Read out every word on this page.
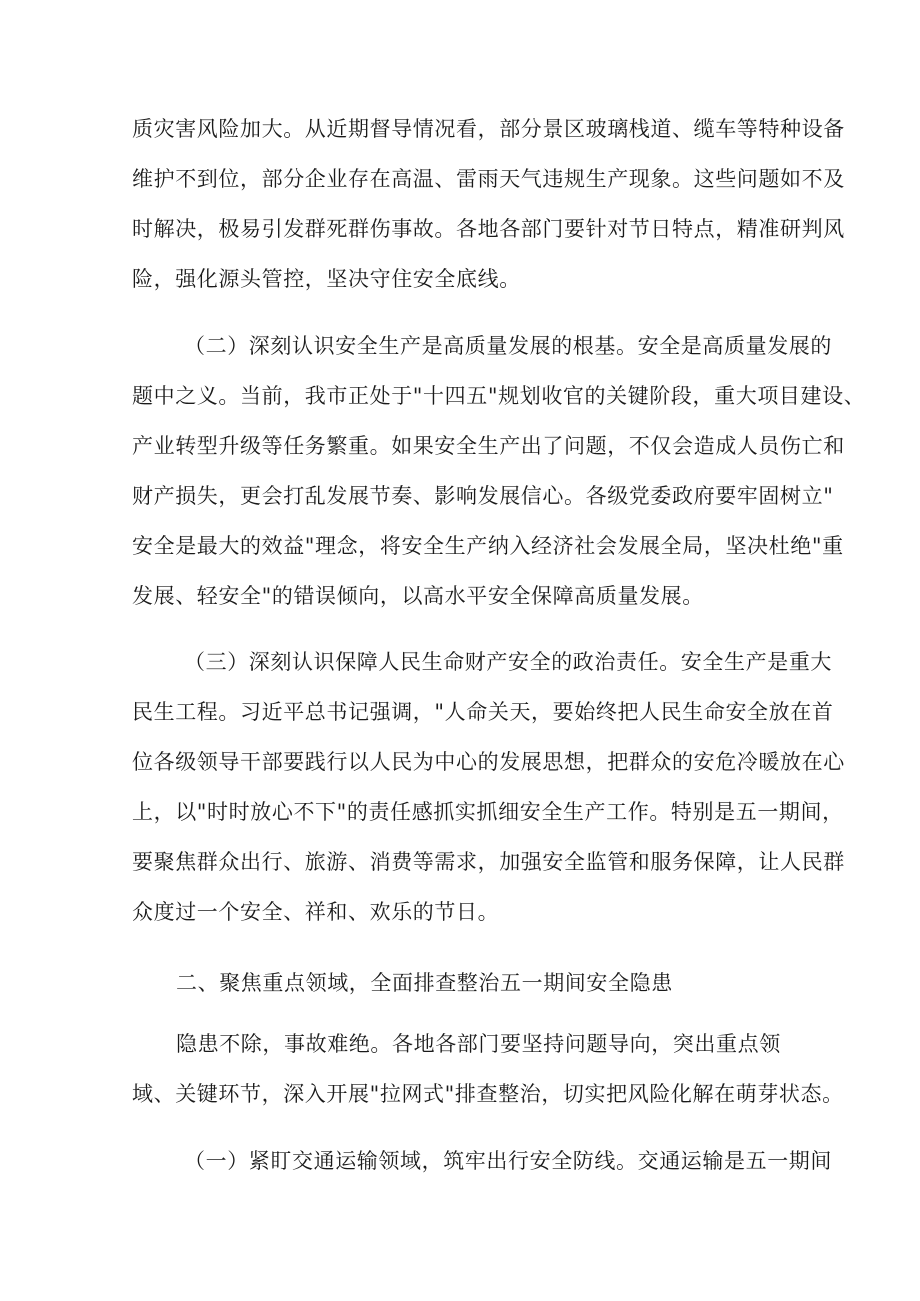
质灾害风险加大。从近期督导情况看，部分景区玻璃栈道、缆车等特种设备
维护不到位，部分企业存在高温、雷雨天气违规生产现象。这些问题如不及
时解决，极易引发群死群伤事故。各地各部门要针对节日特点，精准研判风
险，强化源头管控，坚决守住安全底线。
（二）深刻认识安全生产是高质量发展的根基。安全是高质量发展的
题中之义。当前，我市正处于"十四五"规划收官的关键阶段，重大项目建设、
产业转型升级等任务繁重。如果安全生产出了问题，不仅会造成人员伤亡和
财产损失，更会打乱发展节奏、影响发展信心。各级党委政府要牢固树立"
安全是最大的效益"理念，将安全生产纳入经济社会发展全局，坚决杜绝"重
发展、轻安全"的错误倾向，以高水平安全保障高质量发展。
（三）深刻认识保障人民生命财产安全的政治责任。安全生产是重大
民生工程。习近平总书记强调，"人命关天，要始终把人民生命安全放在首
位各级领导干部要践行以人民为中心的发展思想，把群众的安危冷暖放在心
上，以"时时放心不下"的责任感抓实抓细安全生产工作。特别是五一期间，
要聚焦群众出行、旅游、消费等需求，加强安全监管和服务保障，让人民群
众度过一个安全、祥和、欢乐的节日。
二、聚焦重点领域，全面排查整治五一期间安全隐患
隐患不除，事故难绝。各地各部门要坚持问题导向，突出重点领
域、关键环节，深入开展"拉网式"排查整治，切实把风险化解在萌芽状态。
（一）紧盯交通运输领域，筑牢出行安全防线。交通运输是五一期间
